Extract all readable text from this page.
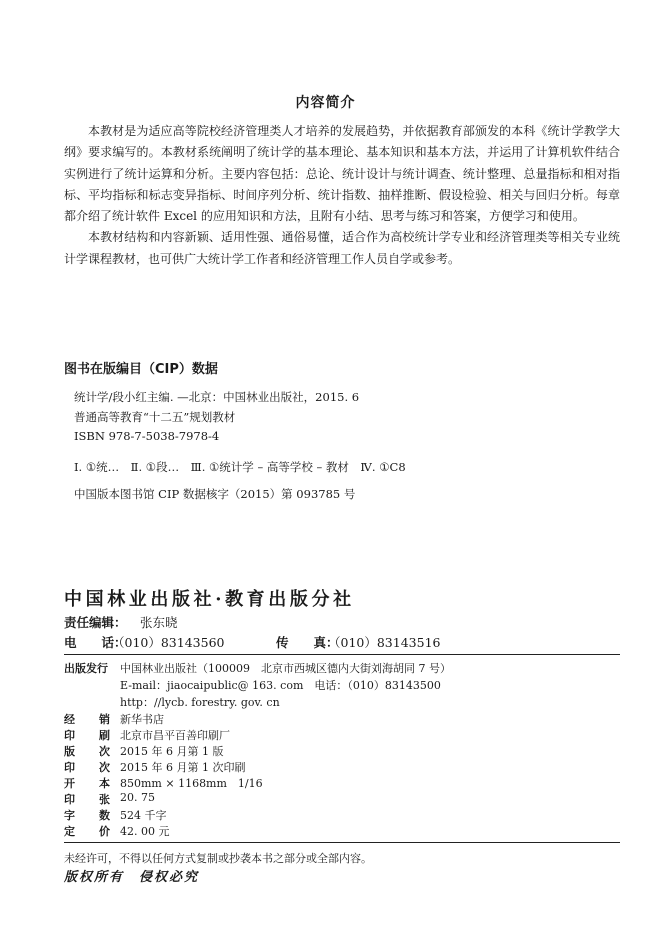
内容简介

本教材是为适应高等院校经济管理类人才培养的发展趋势，并依据教育部颁发的本科《统计学教学大纲》要求编写的。本教材系统阐明了统计学的基本理论、基本知识和基本方法，并运用了计算机软件结合实例进行了统计运算和分析。主要内容包括：总论、统计设计与统计调查、统计整理、总量指标和相对指标、平均指标和标志变异指标、时间序列分析、统计指数、抽样推断、假设检验、相关与回归分析。每章都介绍了统计软件 Excel 的应用知识和方法，且附有小结、思考与练习和答案，方便学习和使用。

本教材结构和内容新颖、适用性强、通俗易懂，适合作为高校统计学专业和经济管理类等相关专业统计学课程教材，也可供广大统计学工作者和经济管理工作人员自学或参考。

图书在版编目（CIP）数据
统计学/段小红主编. —北京：中国林业出版社，2015. 6
普通高等教育“十二五”规划教材
ISBN 978-7-5038-7978-4
Ⅰ. ①统…　Ⅱ. ①段…　Ⅲ. ①统计学 – 高等学校 – 教材　Ⅳ. ①C8
中国版本图书馆 CIP 数据核字（2015）第 093785 号
中国林业出版社·教育出版分社
责任编辑： 张东晓
电　　话：
（010）83143560	传　　真：
（010）83143516
出版发行 中国林业出版社（100009　北京市西城区德内大街刘海胡同 7 号）
E-mail：jiaocaipublic@ 163. com　电话：（010）83143500
http：//lycb. forestry. gov. cn
经 销 新华书店
印 刷 北京市昌平百善印刷厂
版 次 2015 年 6 月第 1 版
印 次 2015 年 6 月第 1 次印刷
开 本 850mm × 1168mm　1/16
印 张 20. 75
字 数 524 千字
定 价 42. 00 元
未经许可，不得以任何方式复制或抄袭本书之部分或全部内容。
版权所有　侵权必究
